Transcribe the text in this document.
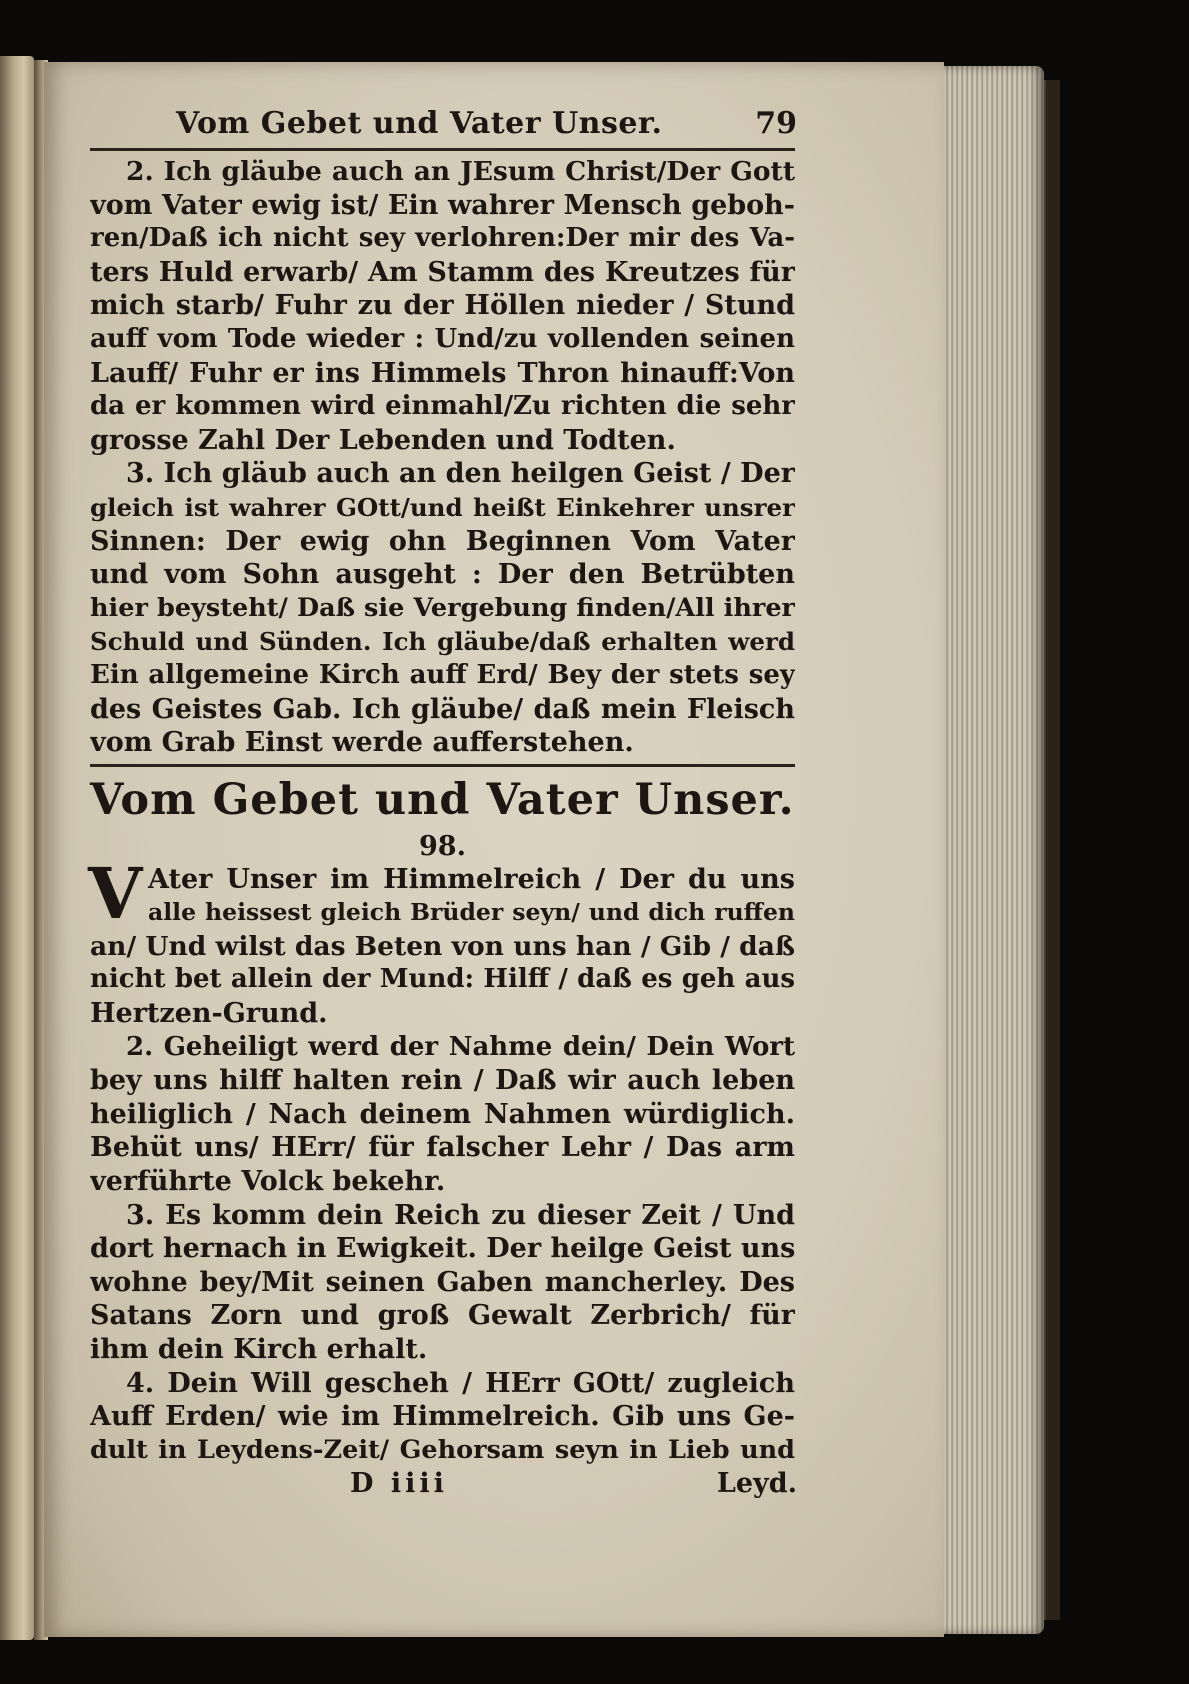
Vom Gebet und Vater Unser.	79
2. Ich gläube auch an JEsum Christ/Der Gott
vom Vater ewig ist/ Ein wahrer Mensch geboh-
ren/Daß ich nicht sey verlohren:Der mir des Va-
ters Huld erwarb/ Am Stamm des Kreutzes für
mich starb/ Fuhr zu der Höllen nieder / Stund
auff vom Tode wieder : Und/zu vollenden seinen
Lauff/ Fuhr er ins Himmels Thron hinauff:Von
da er kommen wird einmahl/Zu richten die sehr
grosse Zahl Der Lebenden und Todten.
3. Ich gläub auch an den heilgen Geist / Der
gleich ist wahrer GOtt/und heißt Einkehrer unsrer
Sinnen: Der ewig ohn Beginnen Vom Vater
und vom Sohn ausgeht : Der den Betrübten
hier beysteht/ Daß sie Vergebung finden/All ihrer
Schuld und Sünden. Ich gläube/daß erhalten werd
Ein allgemeine Kirch auff Erd/ Bey der stets sey
des Geistes Gab. Ich gläube/ daß mein Fleisch
vom Grab Einst werde aufferstehen.
Vom Gebet und Vater Unser.
98.
V Ater Unser im Himmelreich / Der du uns
alle heissest gleich Brüder seyn/ und dich ruffen
an/ Und wilst das Beten von uns han / Gib / daß
nicht bet allein der Mund: Hilff / daß es geh aus
Hertzen-Grund.
2. Geheiligt werd der Nahme dein/ Dein Wort
bey uns hilff halten rein / Daß wir auch leben
heiliglich / Nach deinem Nahmen würdiglich.
Behüt uns/ HErr/ für falscher Lehr / Das arm
verführte Volck bekehr.
3. Es komm dein Reich zu dieser Zeit / Und
dort hernach in Ewigkeit. Der heilge Geist uns
wohne bey/Mit seinen Gaben mancherley. Des
Satans Zorn und groß Gewalt Zerbrich/ für
ihm dein Kirch erhalt.
4. Dein Will gescheh / HErr GOtt/ zugleich
Auff Erden/ wie im Himmelreich. Gib uns Ge-
dult in Leydens-Zeit/ Gehorsam seyn in Lieb und
D iiii	Leyd.
